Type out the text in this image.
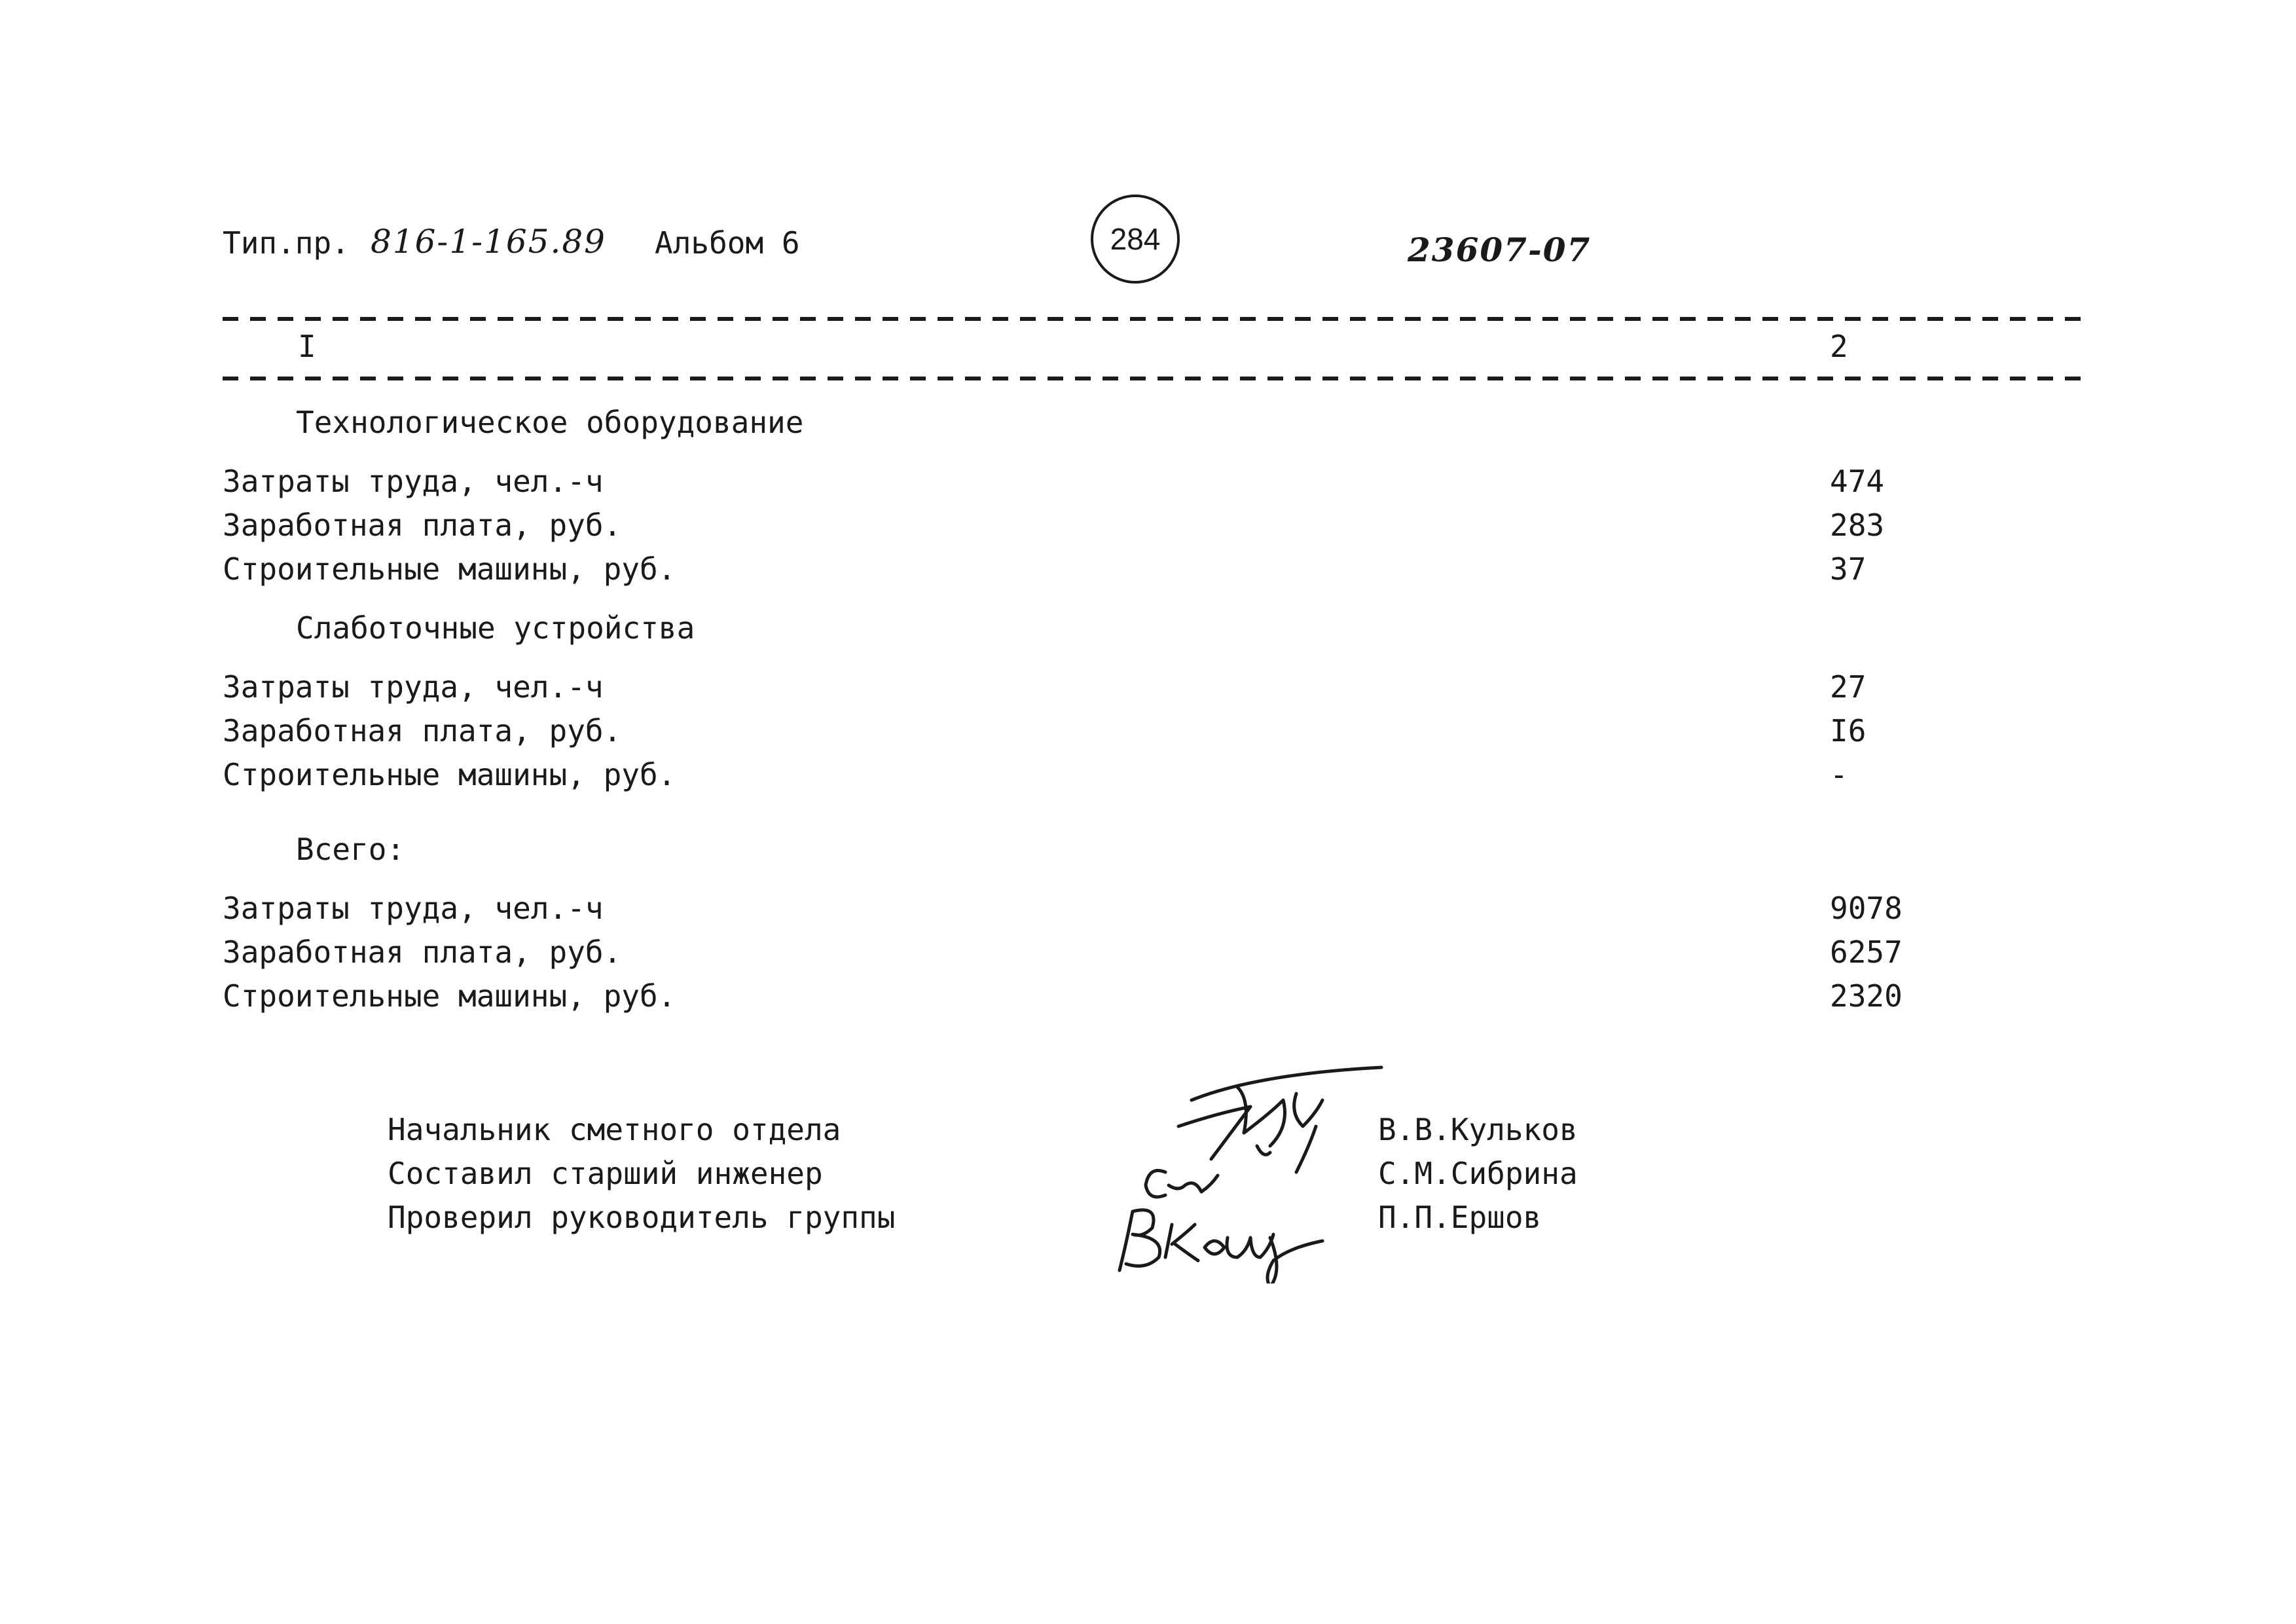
Тип.пр. 816-1-165.89 Альбом 6	284	23607-07
I	2
Технологическое оборудование
Затраты труда, чел.-ч	474
Заработная плата, руб.	283
Строительные машины, руб.	37
Слаботочные устройства
Затраты труда, чел.-ч	27
Заработная плата, руб.	I6
Строительные машины, руб.	-
Всего:
Затраты труда, чел.-ч	9078
Заработная плата, руб.	6257
Строительные машины, руб.	2320
Начальник сметного отдела	В.В.Кульков
Составил старший инженер	С.М.Сибрина
Проверил руководитель группы	П.П.Ершов
